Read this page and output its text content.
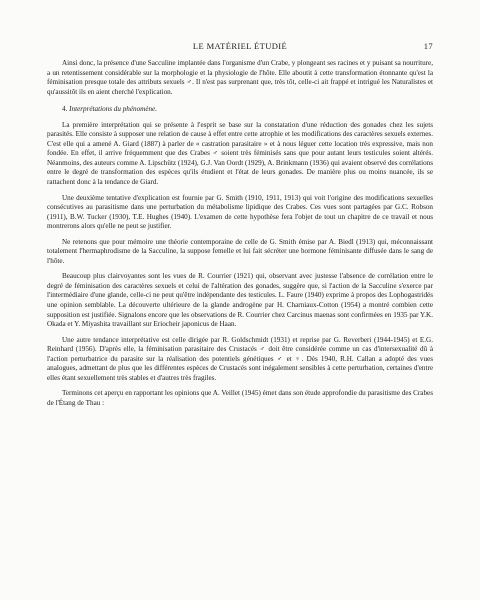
LE MATÉRIEL ÉTUDIÉ	17

Ainsi donc, la présence d'une Sacculine implantée dans l'organisme d'un Crabe, y plongeant ses racines et y puisant sa nourriture, a un retentissement considérable sur la morphologie et la physiologie de l'hôte. Elle aboutit à cette transformation étonnante qu'est la féminisation presque totale des attributs sexuels ♂. Il n'est pas surprenant que, très tôt, celle-ci ait frappé et intrigué les Naturalistes et qu'aussitôt ils en aient cherché l'explication.

4. Interprétations du phénomène.

La première interprétation qui se présente à l'esprit se base sur la constatation d'une réduction des gonades chez les sujets parasités. Elle consiste à supposer une relation de cause à effet entre cette atrophie et les modifications des caractères sexuels externes. C'est elle qui a amené A. Giard (1887) à parler de « castration parasitaire » et à nous léguer cette location très expressive, mais non fondée. En effet, il arrive fréquemment que des Crabes ♂ soient très féminisés sans que pour autant leurs testicules soient altérés. Néanmoins, des auteurs comme A. Lipschütz (1924), G.J. Van Oordt (1929), A. Brinkmann (1936) qui avaient observé des corrélations entre le degré de transformation des espèces qu'ils étudient et l'état de leurs gonades. De manière plus ou moins nuancée, ils se rattachent donc à la tendance de Giard.

Une deuxième tentative d'explication est fournie par G. Smith (1910, 1911, 1913) qui voit l'origine des modifications sexuelles consécutives au parasitisme dans une perturbation du métabolisme lipidique des Crabes. Ces vues sont partagées par G.C. Robson (1911), B.W. Tucker (1930), T.E. Hughes (1940). L'examen de cette hypothèse fera l'objet de tout un chapitre de ce travail et nous montrerons alors qu'elle ne peut se justifier.

Ne retenons que pour mémoire une théorie contemporaine de celle de G. Smith émise par A. Biedl (1913) qui, méconnaissant totalement l'hermaphrodisme de la Sacculine, la suppose femelle et lui fait sécréter une hormone féminisante diffusée dans le sang de l'hôte.

Beaucoup plus clairvoyantes sont les vues de R. Courrier (1921) qui, observant avec justesse l'absence de corrélation entre le degré de féminisation des caractères sexuels et celui de l'altération des gonades, suggère que, si l'action de la Sacculine s'exerce par l'intermédiaire d'une glande, celle-ci ne peut qu'être indépendante des testicules. L. Faure (1940) exprime à propos des Lophogastridés une opinion semblable. La découverte ultérieure de la glande androgène par H. Charniaux-Cotton (1954) a montré combien cette supposition est justifiée. Signalons encore que les observations de R. Courrier chez Carcinus maenas sont confirmées en 1935 par Y.K. Okada et Y. Miyashita travaillant sur Eriocheir japonicus de Haan.

Une autre tendance interprétative est celle dirigée par R. Goldschmidt (1931) et reprise par G. Reverberi (1944-1945) et E.G. Reinhard (1956). D'après elle, la féminisation parasitaire des Crustacés ♂ doit être considérée comme un cas d'intersexualité dû à l'action perturbatrice du parasite sur la réalisation des potentiels génétiques ♂ et ♀. Dès 1940, R.H. Callan a adopté des vues analogues, admettant de plus que les différentes espèces de Crustacés sont inégalement sensibles à cette perturbation, certaines d'entre elles étant sexuellement très stables et d'autres très fragiles.

Terminons cet aperçu en rapportant les opinions que A. Veillet (1945) émet dans son étude approfondie du parasitisme des Crabes de l'Étang de Thau :
